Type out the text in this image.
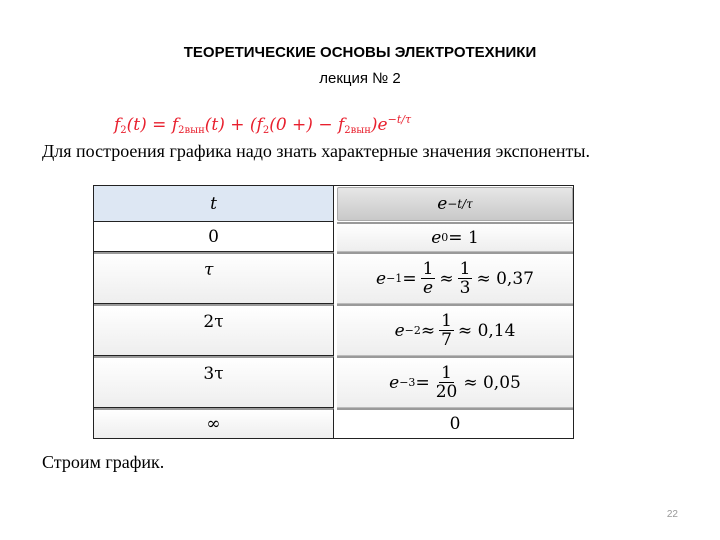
ТЕОРЕТИЧЕСКИЕ ОСНОВЫ ЭЛЕКТРОТЕХНИКИ
лекция № 2
$f_2(t) = f_{2вын}(t) + (f_2(0$ +) − $f_{2вын})e^{-t/\tau}$
Для построения графика надо знать характерные значения экспоненты.
t	e −t/τ
0	e 0 = 1
τ	$e -1 = \frac{1}{e} \approx \frac{1}{3} \approx 0,37$
2τ	$e -2 \approx \frac{1}{7} \approx 0,14$
3τ	$e -3 = \frac{1}{20} \approx 0,05$
∞	0
Строим график.
22
